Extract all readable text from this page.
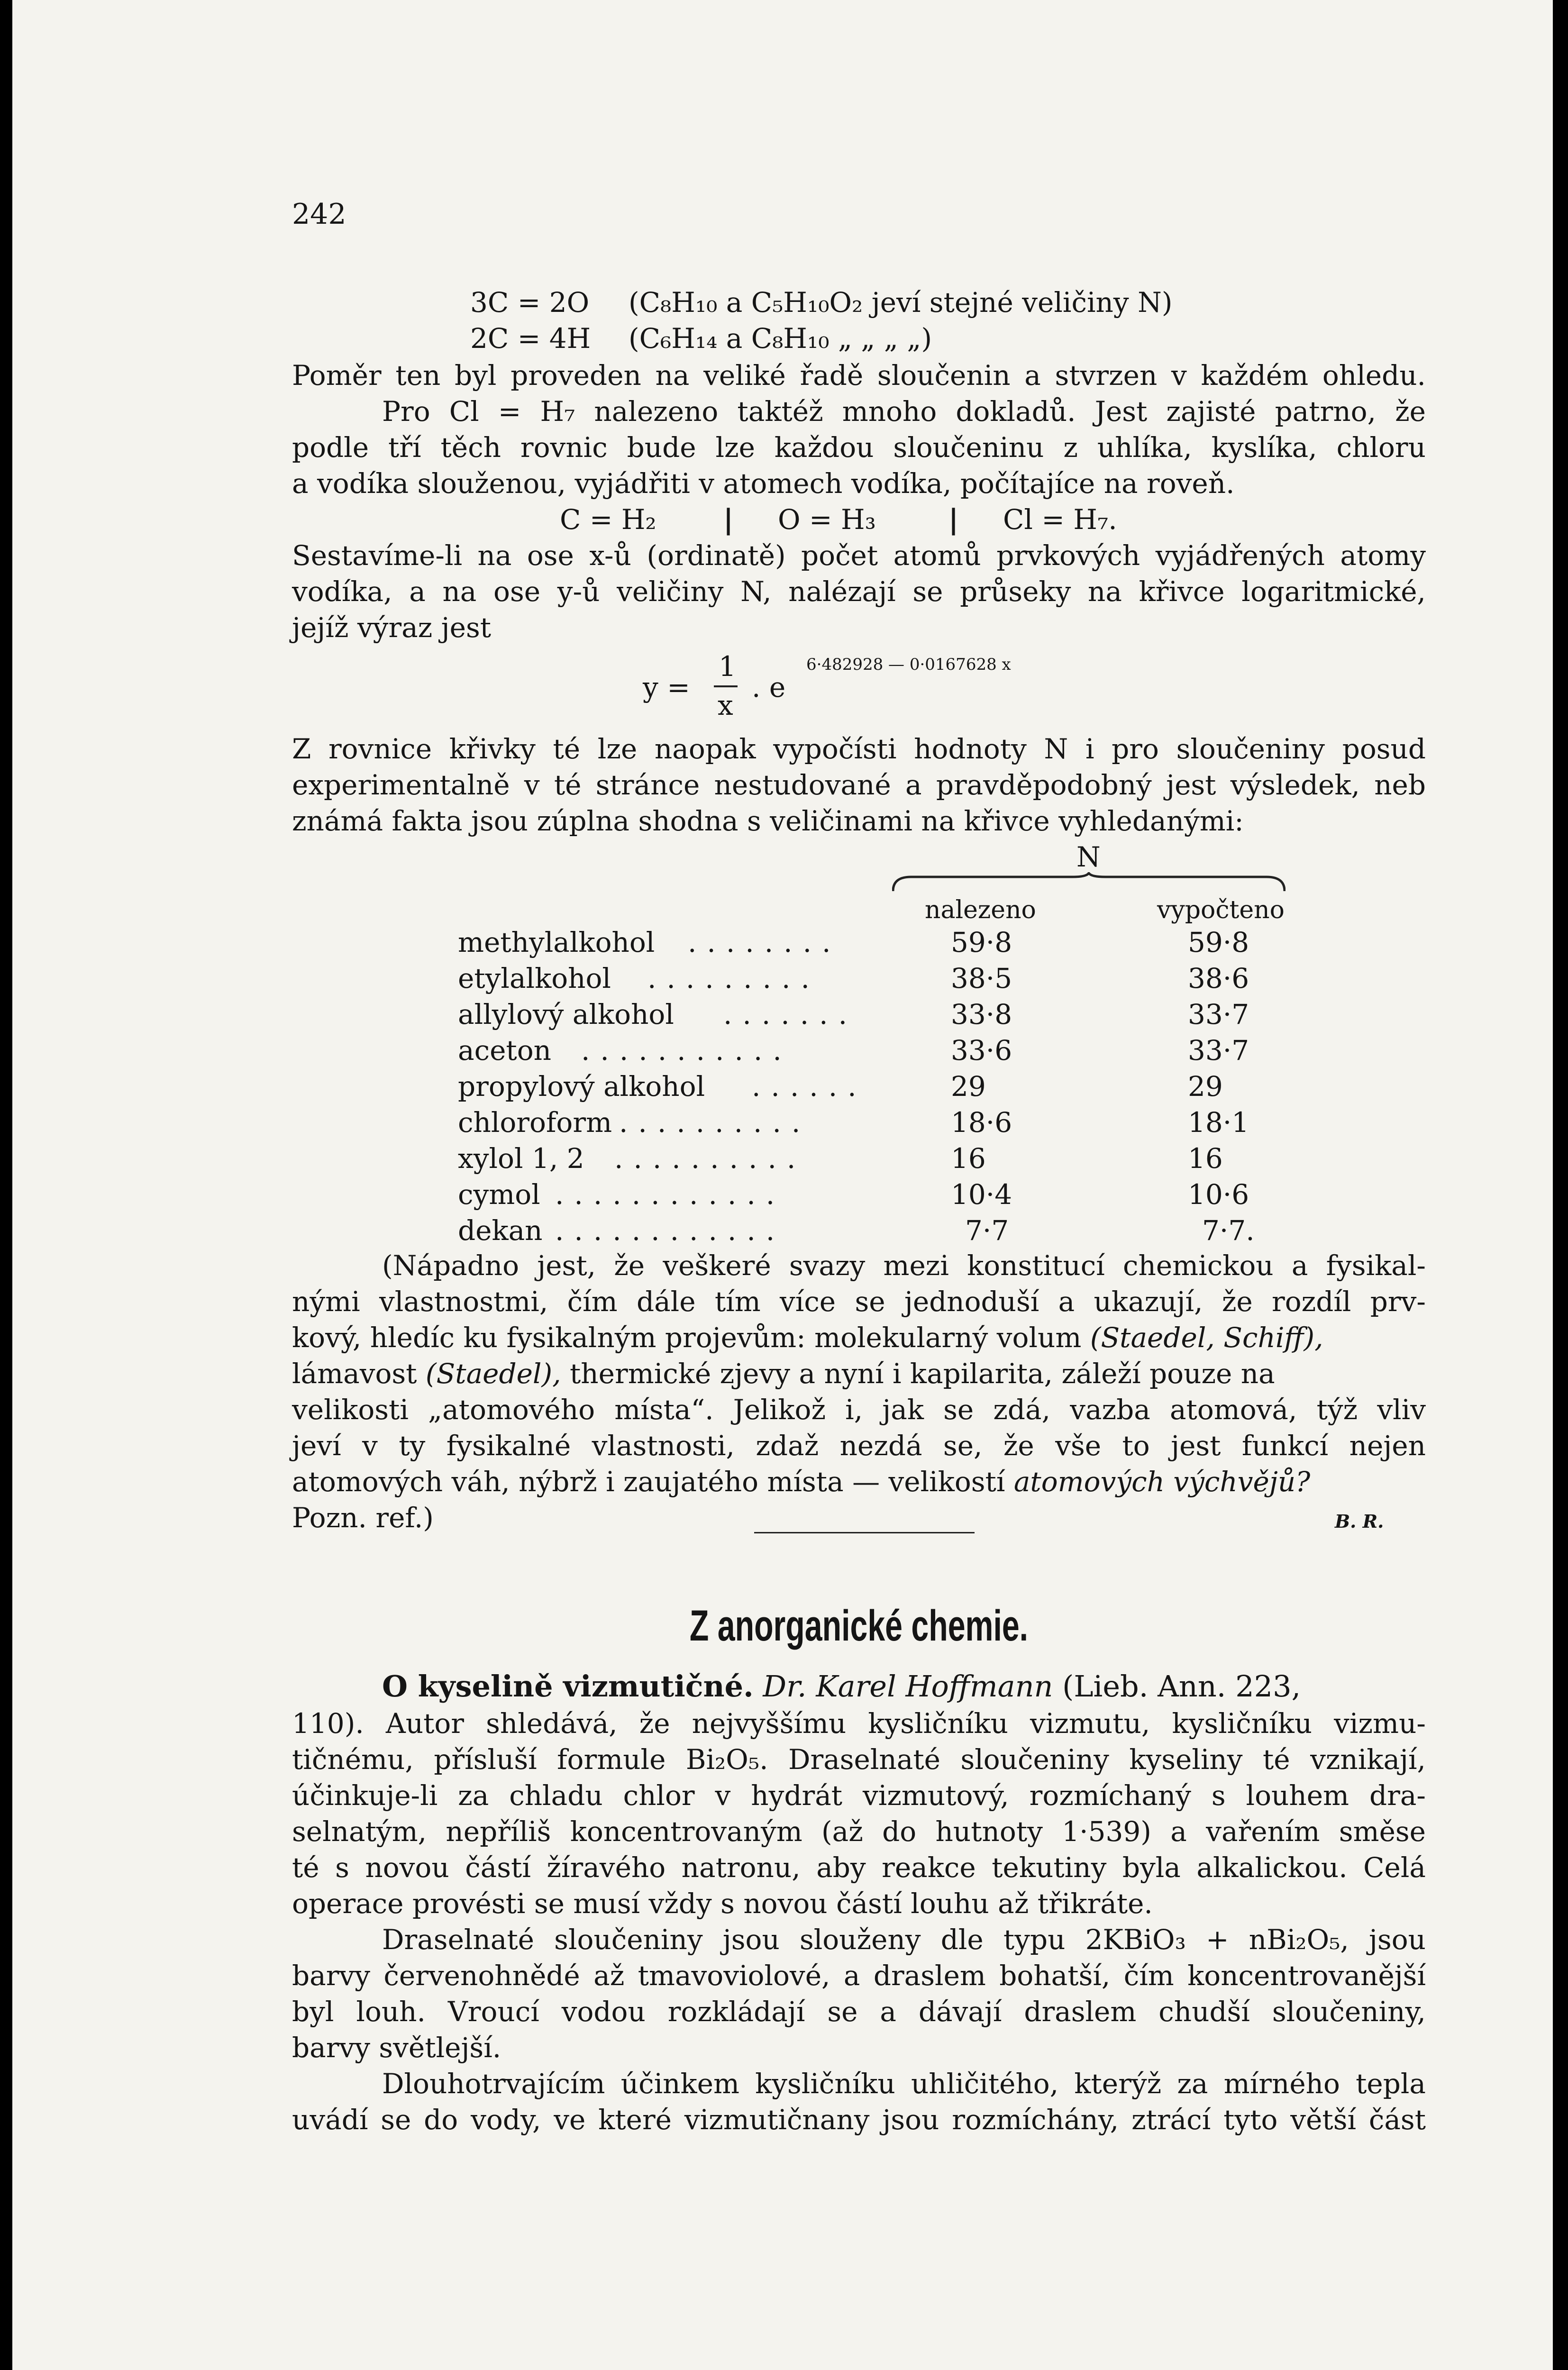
242
3C = 2O (C₈H₁₀ a C₅H₁₀O₂ jeví stejné veličiny N)
2C = 4H (C₆H₁₄ a C₈H₁₀ „ „ „ „)
Poměr ten byl proveden na veliké řadě sloučenin a stvrzen v každém ohledu.
Pro Cl = H₇ nalezeno taktéž mnoho dokladů. Jest zajisté patrno, že
podle tří těch rovnic bude lze každou sloučeninu z uhlíka, kyslíka, chloru
a vodíka slouženou, vyjádřiti v atomech vodíka, počítajíce na roveň.
C = H₂ | O = H₃	| Cl = H₇.
Sestavíme-li na ose x-ů (ordinatě) počet atomů prvkových vyjádřených atomy
vodíka, a na ose y-ů veličiny N, nalézají se průseky na křivce logaritmické,
jejíž výraz jest
y =
1
x
. e
6·482928 — 0·0167628 x
Z rovnice křivky té lze naopak vypočísti hodnoty N i pro sloučeniny posud
experimentalně v té stránce nestudované a pravděpodobný jest výsledek, neb
známá fakta jsou zúplna shodna s veličinami na křivce vyhledanými:
N
nalezeno	vypočteno
methylalkohol ........	59·8	59·8
etylalkohol .........	38·5	38·6
allylový alkohol .......	33·8	33·7
aceton ...........	33·6	33·7
propylový alkohol ......	29	29
chloroform ..........	18·6	18·1
xylol 1, 2 ..........	16	16
cymol ............	10·4	10·6
dekan ............	7·7	7·7.
(Nápadno jest, že veškeré svazy mezi konstitucí chemickou a fysikal-
nými vlastnostmi, čím dále tím více se jednoduší a ukazují, že rozdíl prv-
kový, hledíc ku fysikalným projevům: molekularný volum (Staedel, Schiff),
lámavost (Staedel), thermické zjevy a nyní i kapilarita, záleží pouze na
velikosti „atomového místa“. Jelikož i, jak se zdá, vazba atomová, týž vliv
jeví v ty fysikalné vlastnosti, zdaž nezdá se, že vše to jest funkcí nejen
atomových váh, nýbrž i zaujatého místa — velikostí atomových výchvějů?
Pozn. ref.)	B. R.
Z anorganické chemie.
O kyselině vizmutičné. Dr. Karel Hoffmann (Lieb. Ann. 223,
110). Autor shledává, že nejvyššímu kysličníku vizmutu, kysličníku vizmu-
tičnému, přísluší formule Bi₂O₅. Draselnaté sloučeniny kyseliny té vznikají,
účinkuje-li za chladu chlor v hydrát vizmutový, rozmíchaný s louhem dra-
selnatým, nepříliš koncentrovaným (až do hutnoty 1·539) a vařením směse
té s novou částí žíravého natronu, aby reakce tekutiny byla alkalickou. Celá
operace provésti se musí vždy s novou částí louhu až třikráte.
Draselnaté sloučeniny jsou slouženy dle typu 2KBiO₃ + nBi₂O₅, jsou
barvy červenohnědé až tmavoviolové, a draslem bohatší, čím koncentrovanější
byl louh. Vroucí vodou rozkládají se a dávají draslem chudší sloučeniny,
barvy světlejší.
Dlouhotrvajícím účinkem kysličníku uhličitého, kterýž za mírného tepla
uvádí se do vody, ve které vizmutičnany jsou rozmíchány, ztrácí tyto větší část
